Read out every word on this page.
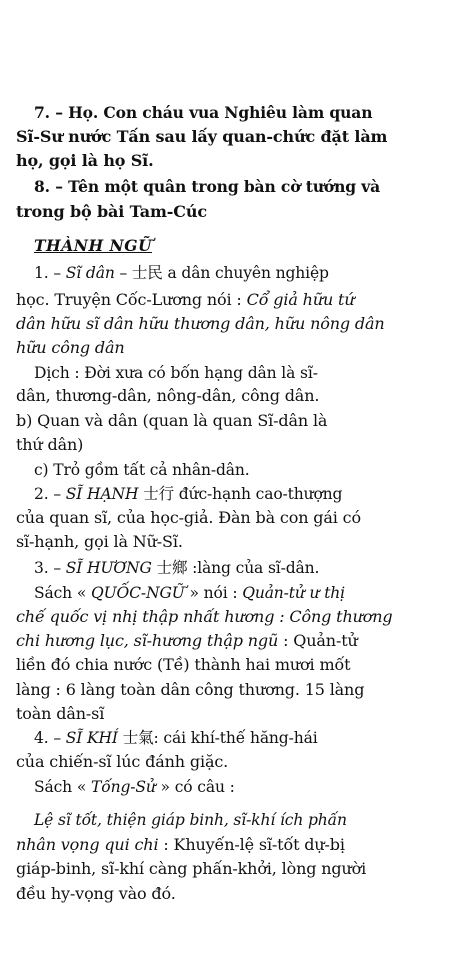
7. – Họ. Con cháu vua Nghiêu làm quan
Sĩ-Sư nước Tấn sau lấy quan-chức đặt làm
họ, gọi là họ Sĩ.
8. – Tên một quân trong bàn cờ tướng và
trong bộ bài Tam-Cúc
THÀNH NGỮ
1. – Sĩ dân – 士民 a dân chuyên nghiệp
học. Truyện Cốc-Lương nói : Cổ giả hữu tứ
dân hữu sĩ dân hữu thương dân, hữu nông dân
hữu công dân
Dịch : Đời xưa có bốn hạng dân là sĩ-
dân, thương-dân, nông-dân, công dân.
b) Quan và dân (quan là quan Sĩ-dân là
thứ dân)
c) Trỏ gồm tất cả nhân-dân.
2. – SĨ HẠNH 士行 đức-hạnh cao-thượng
của quan sĩ, của học-giả. Đàn bà con gái có
sĩ-hạnh, gọi là Nữ-Sĩ.
3. – SĨ HƯƠNG 士鄉 :làng của sĩ-dân.
Sách « QUỐC-NGỮ » nói : Quản-tử ư thị
chế quốc vị nhị thập nhất hương : Công thương
chi hương lục, sĩ-hương thập ngũ : Quản-tử
liền đó chia nước (Tề) thành hai mươi mốt
làng : 6 làng toàn dân công thương. 15 làng
toàn dân-sĩ
4. – SĨ KHÍ 士氣: cái khí-thế hăng-hái
của chiến-sĩ lúc đánh giặc.
Sách « Tống-Sử » có câu :
Lệ sĩ tốt, thiện giáp binh, sĩ-khí ích phấn
nhân vọng qui chi : Khuyến-lệ sĩ-tốt dự-bị
giáp-binh, sĩ-khí càng phấn-khởi, lòng người
đều hy-vọng vào đó.
